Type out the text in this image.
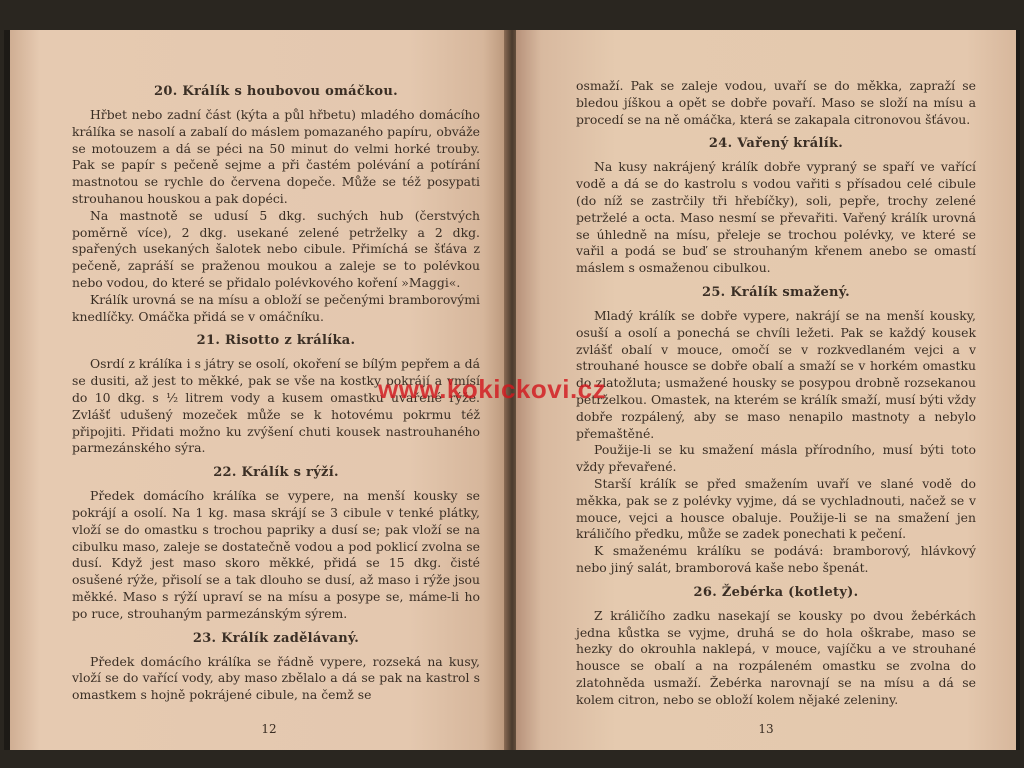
20. Králík s houbovou omáčkou.

Hřbet nebo zadní část (kýta a půl hřbetu) mladého domácího králíka se nasolí a zabalí do máslem pomazaného papíru, obváže se motouzem a dá se péci na 50 minut do velmi horké trouby. Pak se papír s pečeně sejme a při častém polévání a potírání mastnotou se rychle do červena dopeče. Může se též posypati strouhanou houskou a pak dopéci.

Na mastnotě se udusí 5 dkg. suchých hub (čerstvých poměrně více), 2 dkg. usekané zelené petrželky a 2 dkg. spařených usekaných šalotek nebo cibule. Přimíchá se šťáva z pečeně, zapráší se praženou moukou a zaleje se to polévkou nebo vodou, do které se přidalo polévkového koření »Maggi«.

Králík urovná se na mísu a obloží se pečenými bramborovými knedlíčky. Omáčka přidá se v omáčníku.

21. Risotto z králíka.

Osrdí z králíka i s játry se osolí, okoření se bílým pepřem a dá se dusiti, až jest to měkké, pak se vše na kostky pokrájí a vmísí do 10 dkg. s ½ litrem vody a kusem omastku uvařené rýže. Zvlášť udušený mozeček může se k hotovému pokrmu též připojiti. Přidati možno ku zvýšení chuti kousek nastrouhaného parmezánského sýra.

22. Králík s rýží.

Předek domácího králíka se vypere, na menší kousky se pokrájí a osolí. Na 1 kg. masa skrájí se 3 cibule v tenké plátky, vloží se do omastku s trochou papriky a dusí se; pak vloží se na cibulku maso, zaleje se dostatečně vodou a pod poklicí zvolna se dusí. Když jest maso skoro měkké, přidá se 15 dkg. čisté osušené rýže, přisolí se a tak dlouho se dusí, až maso i rýže jsou měkké. Maso s rýží upraví se na mísu a posype se, máme-li ho po ruce, strouhaným parmezánským sýrem.

23. Králík zadělávaný.

Předek domácího králíka se řádně vypere, rozseká na kusy, vloží se do vařící vody, aby maso zbělalo a dá se pak na kastrol s omastkem s hojně pokrájené cibule, na čemž se

12

osmaží. Pak se zaleje vodou, uvaří se do měkka, zapraží se bledou jíškou a opět se dobře povaří. Maso se složí na mísu a procedí se na ně omáčka, která se zakapala citronovou šťávou.

24. Vařený králík.

Na kusy nakrájený králík dobře vypraný se spaří ve vařící vodě a dá se do kastrolu s vodou vařiti s přísadou celé cibule (do níž se zastrčily tři hřebíčky), soli, pepře, trochy zelené petrželé a octa. Maso nesmí se převařiti. Vařený králík urovná se úhledně na mísu, přeleje se trochou polévky, ve které se vařil a podá se buď se strouhaným křenem anebo se omastí máslem s osmaženou cibulkou.

25. Králík smažený.

Mladý králík se dobře vypere, nakrájí se na menší kousky, osuší a osolí a ponechá se chvíli ležeti. Pak se každý kousek zvlášť obalí v mouce, omočí se v rozkvedlaném vejci a v strouhané housce se dobře obalí a smaží se v horkém omastku do zlatožluta; usmažené housky se posypou drobně rozsekanou petrželkou. Omastek, na kterém se králík smaží, musí býti vždy dobře rozpálený, aby se maso nenapilo mastnoty a nebylo přemaštěné.

Použije-li se ku smažení másla přírodního, musí býti toto vždy převařené.

Starší králík se před smažením uvaří ve slané vodě do měkka, pak se z polévky vyjme, dá se vychladnouti, načež se v mouce, vejci a housce obaluje. Použije-li se na smažení jen králičího předku, může se zadek ponechati k pečení.

K smaženému králíku se podává: bramborový, hlávkový nebo jiný salát, bramborová kaše nebo špenát.

26. Žebérka (kotlety).

Z králičího zadku nasekají se kousky po dvou žebérkách jedna kůstka se vyjme, druhá se do hola oškrabe, maso se hezky do okrouhla naklepá, v mouce, vajíčku a ve strouhané housce se obalí a na rozpáleném omastku se zvolna do zlatohněda usmaží. Žebérka narovnají se na mísu a dá se kolem citron, nebo se obloží kolem nějaké zeleniny.

13
www.kokickovi.cz
